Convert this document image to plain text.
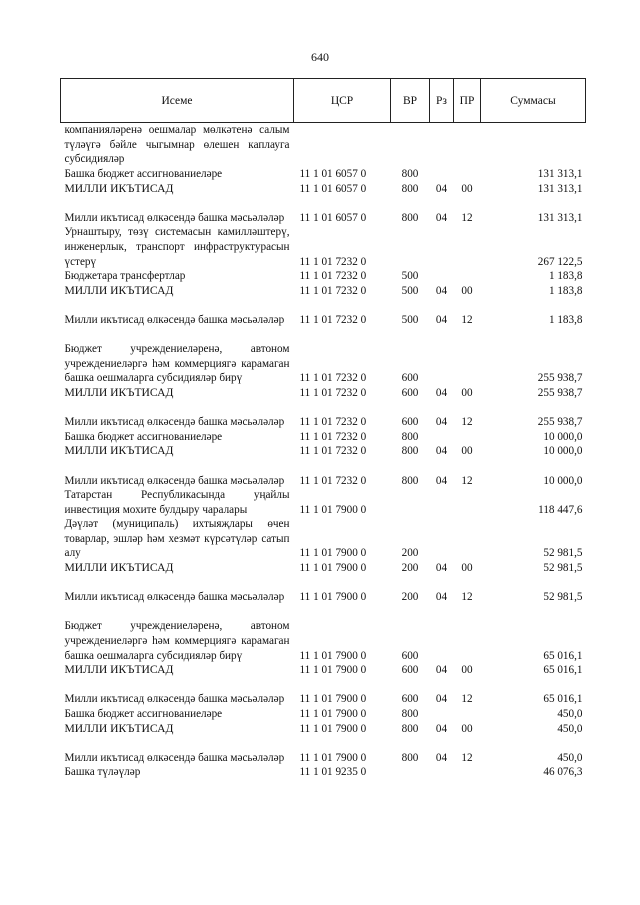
640
Исеме	ЦСР	ВР	Рз	ПР	Суммасы
компанияләренә оешмалар мөлкәтенә салым түләүгә бәйле чыгымнар өлешен каплауга субсидияләр					
Башка бюджет ассигнованиеләре	11 1 01 6057 0	800			131 313,1
МИЛЛИ ИКЪТИСАД	11 1 01 6057 0	800	04	00	131 313,1
Милли икътисад өлкәсендә башка мәсьәләләр	11 1 01 6057 0	800	04	12	131 313,1
Урнаштыру, төзү системасын камилләштерү, инженерлык, транспорт инфраструктурасын үстерү	11 1 01 7232 0				267 122,5
Бюджетара трансфертлар	11 1 01 7232 0	500			1 183,8
МИЛЛИ ИКЪТИСАД	11 1 01 7232 0	500	04	00	1 183,8
Милли икътисад өлкәсендә башка мәсьәләләр	11 1 01 7232 0	500	04	12	1 183,8
Бюджет учреждениеләренә, автоном учреждениеләргә һәм коммерциягә карамаган башка оешмаларга субсидияләр бирү	11 1 01 7232 0	600			255 938,7
МИЛЛИ ИКЪТИСАД	11 1 01 7232 0	600	04	00	255 938,7
Милли икътисад өлкәсендә башка мәсьәләләр	11 1 01 7232 0	600	04	12	255 938,7
Башка бюджет ассигнованиеләре	11 1 01 7232 0	800			10 000,0
МИЛЛИ ИКЪТИСАД	11 1 01 7232 0	800	04	00	10 000,0
Милли икътисад өлкәсендә башка мәсьәләләр	11 1 01 7232 0	800	04	12	10 000,0
Татарстан Республикасында уңайлы инвестиция мохите булдыру чаралары	11 1 01 7900 0				118 447,6
Дәүләт (муниципаль) ихтыяҗлары өчен товарлар, эшләр һәм хезмәт күрсәтүләр сатып алу	11 1 01 7900 0	200			52 981,5
МИЛЛИ ИКЪТИСАД	11 1 01 7900 0	200	04	00	52 981,5
Милли икътисад өлкәсендә башка мәсьәләләр	11 1 01 7900 0	200	04	12	52 981,5
Бюджет учреждениеләренә, автоном учреждениеләргә һәм коммерциягә карамаган башка оешмаларга субсидияләр бирү	11 1 01 7900 0	600			65 016,1
МИЛЛИ ИКЪТИСАД	11 1 01 7900 0	600	04	00	65 016,1
Милли икътисад өлкәсендә башка мәсьәләләр	11 1 01 7900 0	600	04	12	65 016,1
Башка бюджет ассигнованиеләре	11 1 01 7900 0	800			450,0
МИЛЛИ ИКЪТИСАД	11 1 01 7900 0	800	04	00	450,0
Милли икътисад өлкәсендә башка мәсьәләләр	11 1 01 7900 0	800	04	12	450,0
Башка түләүләр	11 1 01 9235 0				46 076,3
